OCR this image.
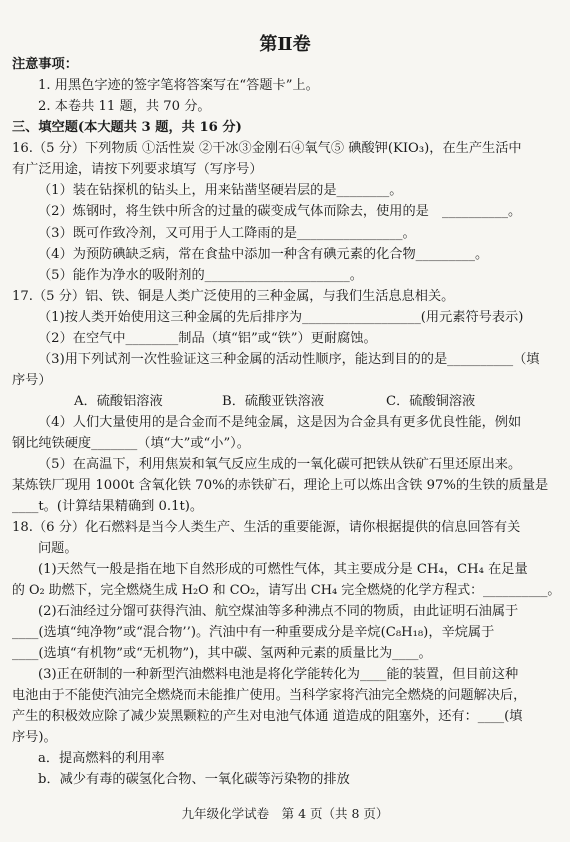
第Ⅱ卷
注意事项：
1. 用黑色字迹的签字笔将答案写在“答题卡”上。
2. 本卷共 11 题，共 70 分。
三、填空题(本大题共 3 题，共 16 分)
16.（5 分）下列物质 ①活性炭 ②干冰③金刚石④氧气⑤ 碘酸钾(KIO₃)，在生产生活中
有广泛用途，请按下列要求填写（写序号）
（1）装在钻探机的钻头上，用来钻凿坚硬岩层的是________。
（2）炼钢时，将生铁中所含的过量的碳变成气体而除去，使用的是　__________。
（3）既可作致冷剂，又可用于人工降雨的是________________。
（4）为预防碘缺乏病，常在食盐中添加一种含有碘元素的化合物_________。
（5）能作为净水的吸附剂的______________________。
17.（5 分）铝、铁、铜是人类广泛使用的三种金属，与我们生活息息相关。
（1)按人类开始使用这三种金属的先后排序为__________________(用元素符号表示)
（2）在空气中________制品（填“铝”或“铁”）更耐腐蚀。
（3)用下列试剂一次性验证这三种金属的活动性顺序，能达到目的的是__________（填
序号）
A．硫酸铝溶液	B．硫酸亚铁溶液	C．硫酸铜溶液
（4）人们大量使用的是合金而不是纯金属，这是因为合金具有更多优良性能，例如
钢比纯铁硬度_______（填“大”或“小”）。
（5）在高温下，利用焦炭和氧气反应生成的一氧化碳可把铁从铁矿石里还原出来。
某炼铁厂现用 1000t 含氧化铁 70%的赤铁矿石，理论上可以炼出含铁 97%的生铁的质量是
____t。(计算结果精确到 0.1t)。
18.（6 分）化石燃料是当今人类生产、生活的重要能源，请你根据提供的信息回答有关
问题。
(1)天然气一般是指在地下自然形成的可燃性气体，其主要成分是 CH₄，CH₄ 在足量
的 O₂ 助燃下，完全燃烧生成 H₂O 和 CO₂，请写出 CH₄ 完全燃烧的化学方程式：__________。
(2)石油经过分馏可获得汽油、航空煤油等多种沸点不同的物质，由此证明石油属于
____(选填“纯净物”或“混合物’’)。汽油中有一种重要成分是辛烷(C₈H₁₈)，辛烷属于
____(选填“有机物”或“无机物”)，其中碳、氢两种元素的质量比为____。
(3)正在研制的一种新型汽油燃料电池是将化学能转化为____能的装置，但目前这种
电池由于不能使汽油完全燃烧而未能推广使用。当科学家将汽油完全燃烧的问题解决后，
产生的积极效应除了减少炭黑颗粒的产生对电池气体通 道造成的阻塞外，还有：____(填
序号)。
a．提高燃料的利用率
b．减少有毒的碳氢化合物、一氧化碳等污染物的排放
九年级化学试卷　第 4 页（共 8 页）
